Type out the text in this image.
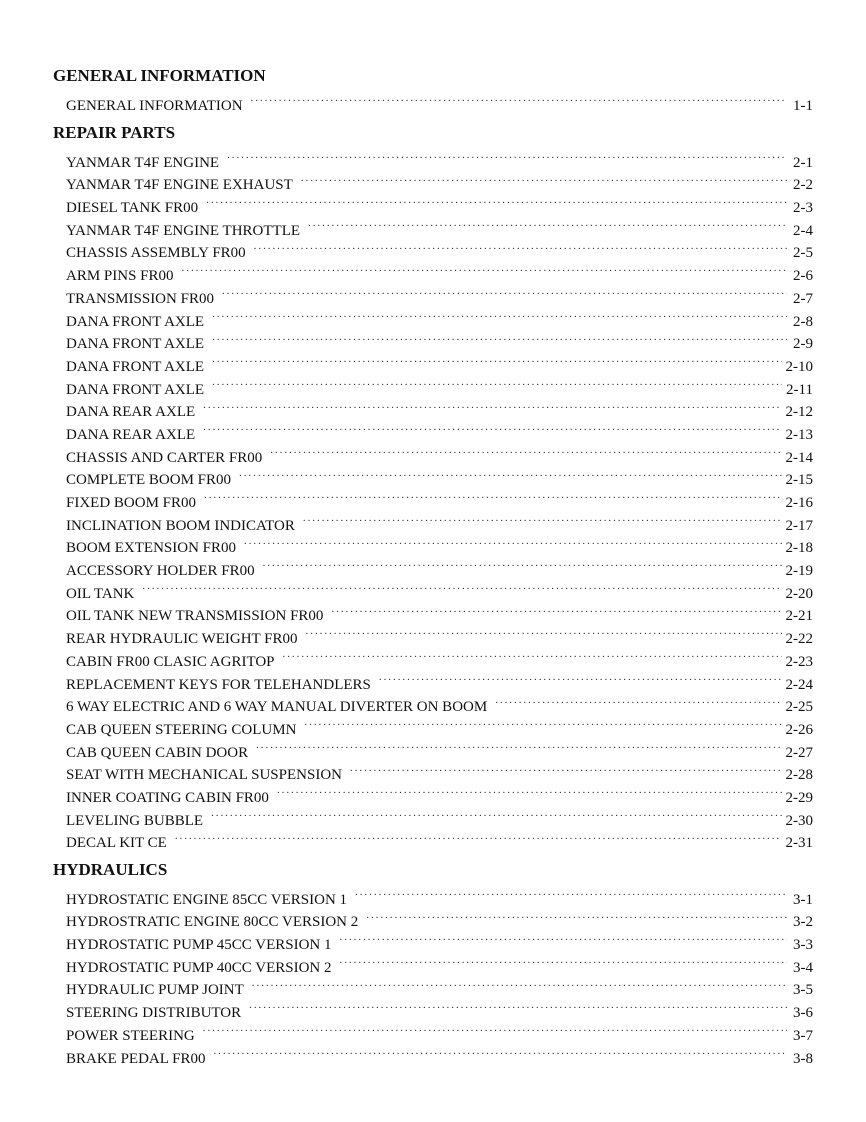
GENERAL INFORMATION
GENERAL INFORMATION . . .	1-1
REPAIR PARTS
YANMAR T4F ENGINE . . .	2-1
YANMAR T4F ENGINE EXHAUST . . .	2-2
DIESEL TANK FR00 . . .	2-3
YANMAR T4F ENGINE THROTTLE . . .	2-4
CHASSIS ASSEMBLY FR00 . . .	2-5
ARM PINS FR00 . . .	2-6
TRANSMISSION FR00 . . .	2-7
DANA FRONT AXLE . . .	2-8
DANA FRONT AXLE . . .	2-9
DANA FRONT AXLE . . .	2-10
DANA FRONT AXLE . . .	2-11
DANA REAR AXLE . . .	2-12
DANA REAR AXLE . . .	2-13
CHASSIS AND CARTER FR00 . . .	2-14
COMPLETE BOOM FR00 . . .	2-15
FIXED BOOM FR00 . . .	2-16
INCLINATION BOOM INDICATOR . . .	2-17
BOOM EXTENSION FR00 . . .	2-18
ACCESSORY HOLDER FR00 . . .	2-19
OIL TANK . . .	2-20
OIL TANK NEW TRANSMISSION FR00 . . .	2-21
REAR HYDRAULIC WEIGHT FR00 . . .	2-22
CABIN FR00 CLASIC AGRITOP . . .	2-23
REPLACEMENT KEYS FOR TELEHANDLERS . . .	2-24
6 WAY ELECTRIC AND 6 WAY MANUAL DIVERTER ON BOOM . . .	2-25
CAB QUEEN STEERING COLUMN . . .	2-26
CAB QUEEN CABIN DOOR . . .	2-27
SEAT WITH MECHANICAL SUSPENSION . . .	2-28
INNER COATING CABIN FR00 . . .	2-29
LEVELING BUBBLE . . .	2-30
DECAL KIT CE . . .	2-31
HYDRAULICS
HYDROSTATIC ENGINE 85CC VERSION 1 . . .	3-1
HYDROSTRATIC ENGINE 80CC VERSION 2 . . .	3-2
HYDROSTATIC PUMP 45CC VERSION 1 . . .	3-3
HYDROSTATIC PUMP 40CC VERSION 2 . . .	3-4
HYDRAULIC PUMP JOINT . . .	3-5
STEERING DISTRIBUTOR . . .	3-6
POWER STEERING . . .	3-7
BRAKE PEDAL FR00 . . .	3-8
